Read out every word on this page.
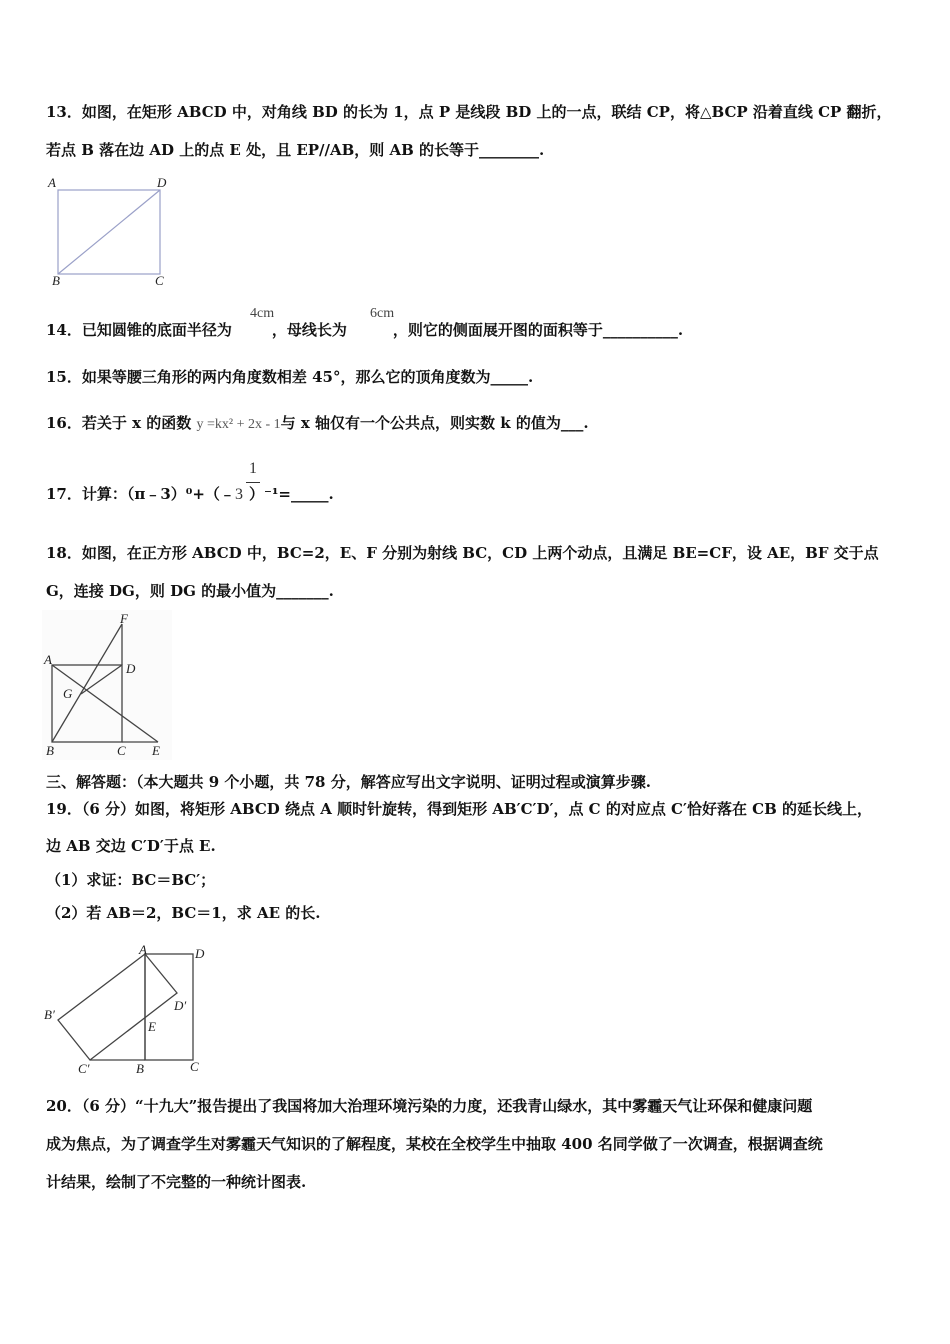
13．如图，在矩形 ABCD 中，对角线 BD 的长为 1，点 P 是线段 BD 上的一点，联结 CP，将△BCP 沿着直线 CP 翻折，
若点 B 落在边 AD 上的点 E 处，且 EP//AB，则 AB 的长等于________.
A	D
B	C
14．已知圆锥的底面半径为	，母线长为	，则它的侧面展开图的面积等于__________.
4cm	6cm
15．如果等腰三角形的两内角度数相差 45°，那么它的顶角度数为_____.
16．若关于 x 的函数 y =kx² + 2x - 1与 x 轴仅有一个公共点，则实数 k 的值为___.
1
17．计算：（π﹣3）⁰+（﹣3 ）⁻¹=_____.
18．如图，在正方形 ABCD 中，BC=2，E、F 分别为射线 BC，CD 上两个动点，且满足 BE=CF，设 AE，BF 交于点
G，连接 DG，则 DG 的最小值为_______.
F
A
D
G
B	C E
三、解答题：（本大题共 9 个小题，共 78 分，解答应写出文字说明、证明过程或演算步骤.
19．（6 分）如图，将矩形 ABCD 绕点 A 顺时针旋转，得到矩形 AB′C′D′，点 C 的对应点 C′恰好落在 CB 的延长线上，
边 AB 交边 C′D′于点 E.
（1）求证：BC＝BC′；
（2）若 AB＝2，BC＝1，求 AE 的长.
A	D
B′
D′
E
C′	B	C
20．（6 分）“十九大”报告提出了我国将加大治理环境污染的力度，还我青山绿水，其中雾霾天气让环保和健康问题
成为焦点，为了调查学生对雾霾天气知识的了解程度，某校在全校学生中抽取 400 名同学做了一次调查，根据调查统
计结果，绘制了不完整的一种统计图表.
